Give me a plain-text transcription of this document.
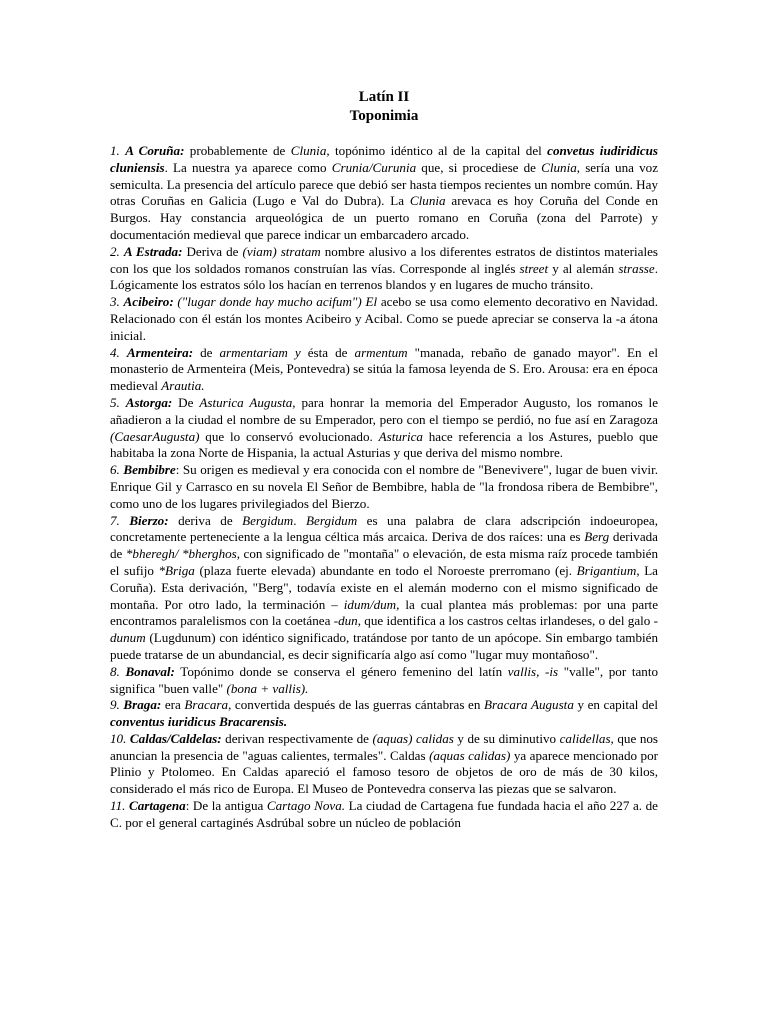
Latín II
Toponimia

1. A Coruña: probablemente de Clunia, topónimo idéntico al de la capital del convetus iudiridicus cluniensis. La nuestra ya aparece como Crunia/Curunia que, si procediese de Clunia, sería una voz semiculta. La presencia del artículo parece que debió ser hasta tiempos recientes un nombre común. Hay otras Coruñas en Galicia (Lugo e Val do Dubra). La Clunia arevaca es hoy Coruña del Conde en Burgos. Hay constancia arqueológica de un puerto romano en Coruña (zona del Parrote) y documentación medieval que parece indicar un embarcadero arcado.

2. A Estrada: Deriva de (viam) stratam nombre alusivo a los diferentes estratos de distintos materiales con los que los soldados romanos construían las vías. Corresponde al inglés street y al alemán strasse. Lógicamente los estratos sólo los hacían en terrenos blandos y en lugares de mucho tránsito.

3. Acibeiro: ("lugar donde hay mucho acifum") El acebo se usa como elemento decorativo en Navidad. Relacionado con él están los montes Acibeiro y Acibal. Como se puede apreciar se conserva la -a átona inicial.

4. Armenteira: de armentariam y ésta de armentum "manada, rebaño de ganado mayor". En el monasterio de Armenteira (Meis, Pontevedra) se sitúa la famosa leyenda de S. Ero. Arousa: era en época medieval Arautia.

5. Astorga: De Asturica Augusta, para honrar la memoria del Emperador Augusto, los romanos le añadieron a la ciudad el nombre de su Emperador, pero con el tiempo se perdió, no fue así en Zaragoza (CaesarAugusta) que lo conservó evolucionado. Asturica hace referencia a los Astures, pueblo que habitaba la zona Norte de Hispania, la actual Asturias y que deriva del mismo nombre.

6. Bembibre: Su origen es medieval y era conocida con el nombre de "Benevivere", lugar de buen vivir. Enrique Gil y Carrasco en su novela El Señor de Bembibre, habla de "la frondosa ribera de Bembibre", como uno de los lugares privilegiados del Bierzo.

7. Bierzo: deriva de Bergidum. Bergidum es una palabra de clara adscripción indoeuropea, concretamente perteneciente a la lengua céltica más arcaica. Deriva de dos raíces: una es Berg derivada de *bheregh/ *bherghos, con significado de "montaña" o elevación, de esta misma raíz procede también el sufijo *Briga (plaza fuerte elevada) abundante en todo el Noroeste prerromano (ej. Brigantium, La Coruña). Esta derivación, "Berg", todavía existe en el alemán moderno con el mismo significado de montaña. Por otro lado, la terminación – idum/dum, la cual plantea más problemas: por una parte encontramos paralelismos con la coetánea -dun, que identifica a los castros celtas irlandeses, o del galo -dunum (Lugdunum) con idéntico significado, tratándose por tanto de un apócope. Sin embargo también puede tratarse de un abundancial, es decir significaría algo así como "lugar muy montañoso".

8. Bonaval: Topónimo donde se conserva el género femenino del latín vallis, -is "valle", por tanto significa "buen valle" (bona + vallis).

9. Braga: era Bracara, convertida después de las guerras cántabras en Bracara Augusta y en capital del conventus iuridicus Bracarensis.

10. Caldas/Caldelas: derivan respectivamente de (aquas) calidas y de su diminutivo calidellas, que nos anuncian la presencia de "aguas calientes, termales". Caldas (aquas calidas) ya aparece mencionado por Plinio y Ptolomeo. En Caldas apareció el famoso tesoro de objetos de oro de más de 30 kilos, considerado el más rico de Europa. El Museo de Pontevedra conserva las piezas que se salvaron.

11. Cartagena: De la antigua Cartago Nova. La ciudad de Cartagena fue fundada hacia el año 227 a. de C. por el general cartaginés Asdrúbal sobre un núcleo de población
